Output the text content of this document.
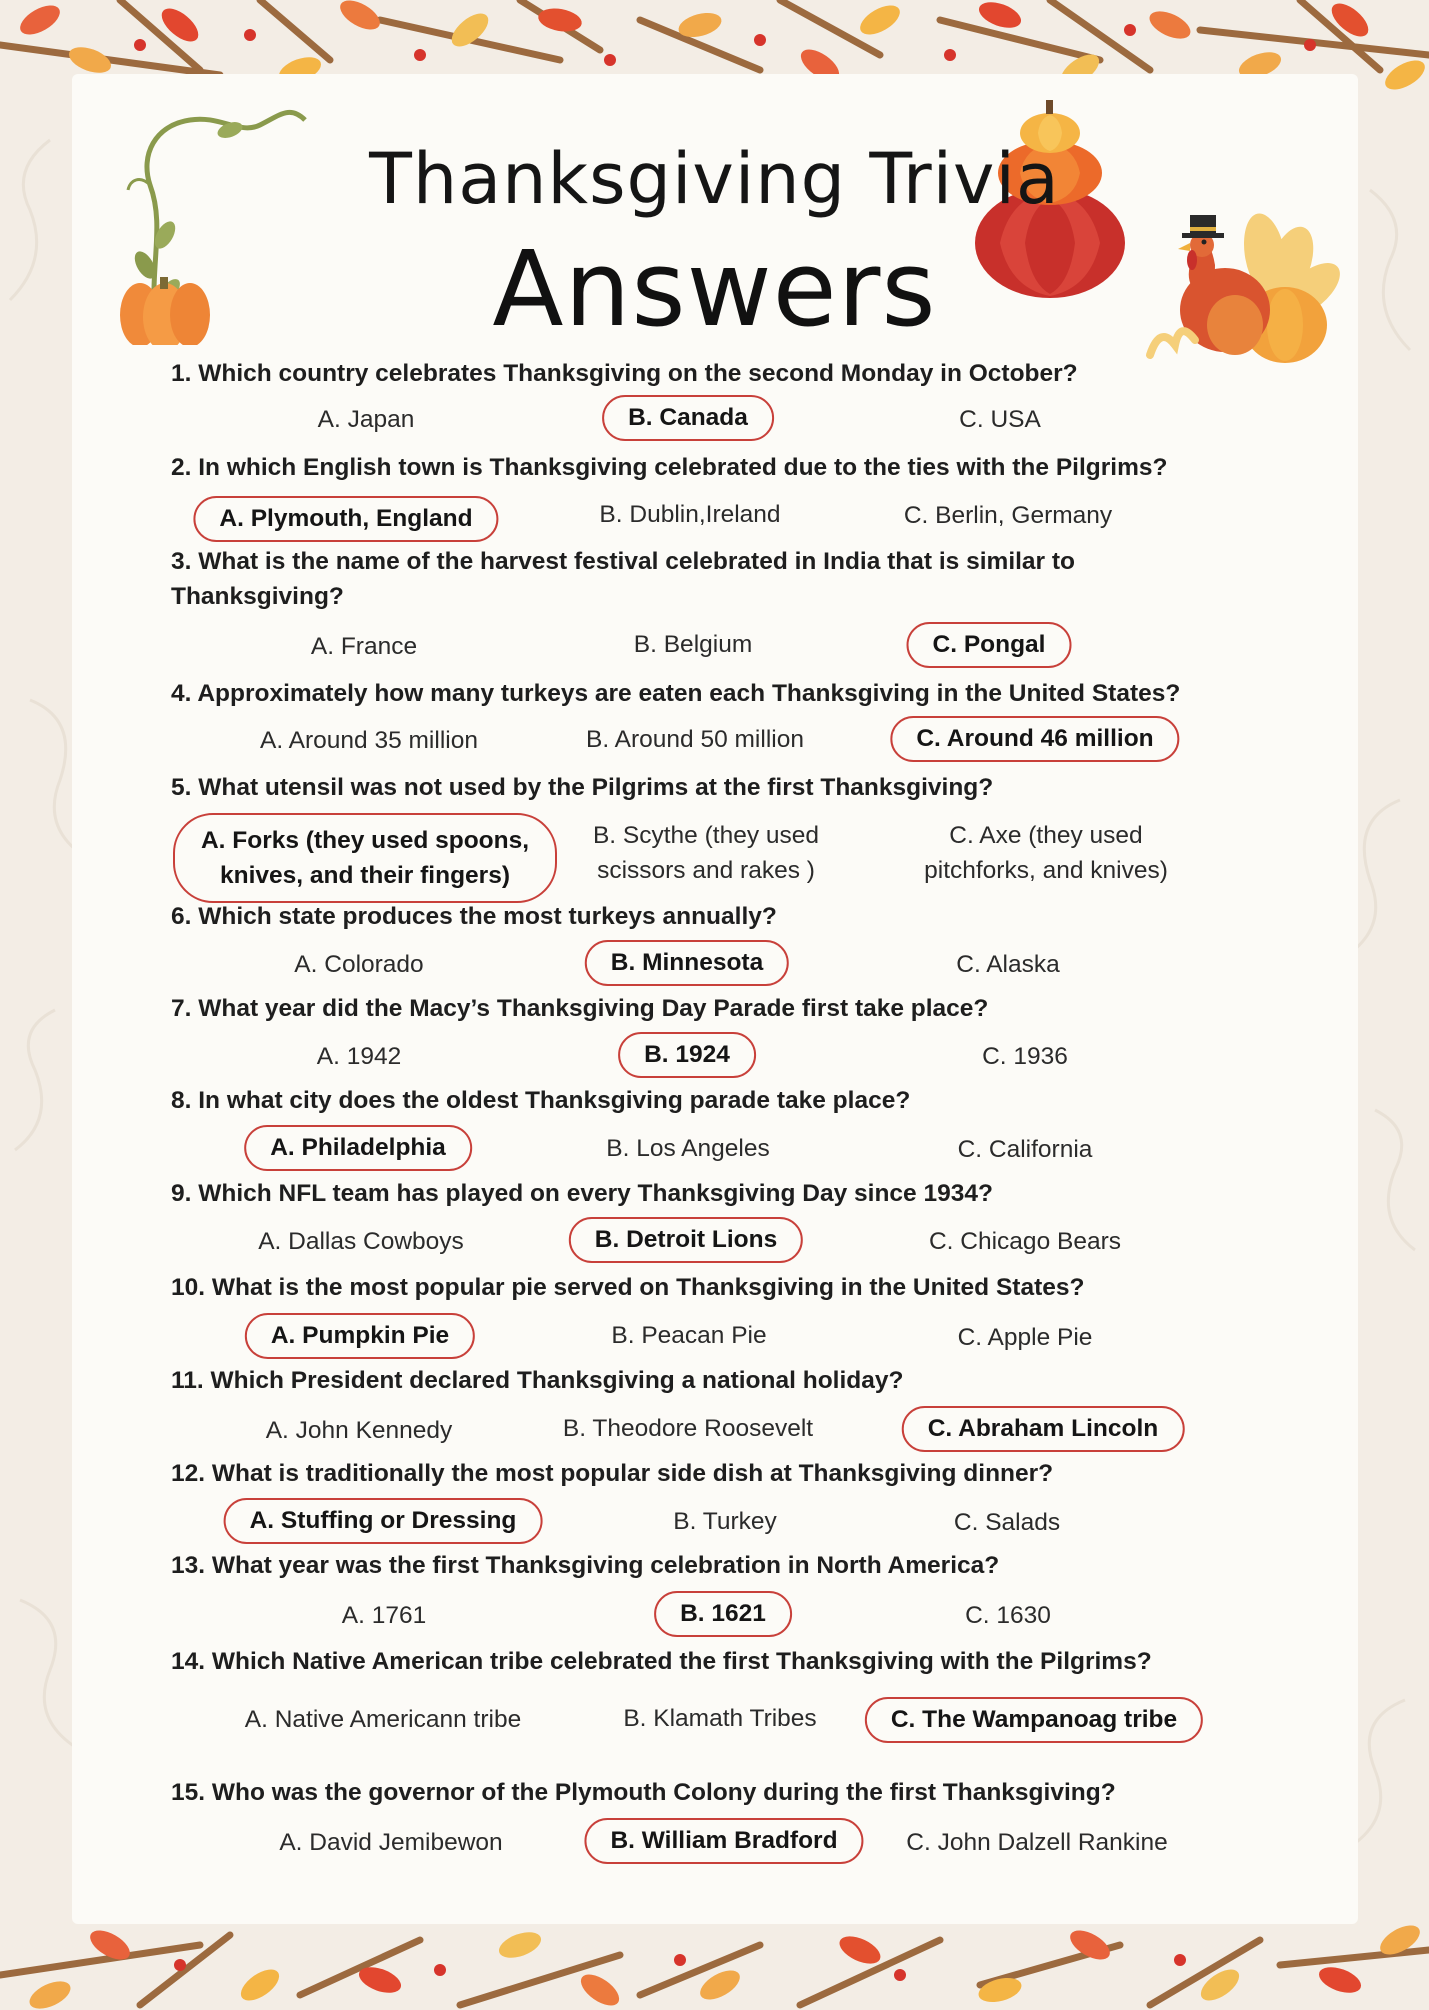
Thanksgiving Trivia
Answers
1. Which country celebrates Thanksgiving on the second Monday in October?
A. Japan	B. Canada	C. USA
2. In which English town is Thanksgiving celebrated due to the ties with the Pilgrims?
A. Plymouth, England	B. Dublin,Ireland	C. Berlin, Germany
3. What is the name of the harvest festival celebrated in India that is similar to Thanksgiving?
A. France	B. Belgium	C. Pongal
4. Approximately how many turkeys are eaten each Thanksgiving in the United States?
A. Around 35 million	B. Around 50 million	C. Around 46 million
5. What utensil was not used by the Pilgrims at the first Thanksgiving?
A. Forks (they used spoons, knives, and their fingers)
B. Scythe (they used scissors and rakes )
C. Axe (they used pitchforks, and knives)
6. Which state produces the most turkeys annually?
A. Colorado	B. Minnesota	C. Alaska
7. What year did the Macy’s Thanksgiving Day Parade first take place?
A. 1942	B. 1924	C. 1936
8. In what city does the oldest Thanksgiving parade take place?
A. Philadelphia	B. Los Angeles	C. California
9. Which NFL team has played on every Thanksgiving Day since 1934?
A. Dallas Cowboys	B. Detroit Lions	C. Chicago Bears
10. What is the most popular pie served on Thanksgiving in the United States?
A. Pumpkin Pie	B. Peacan Pie	C. Apple Pie
11. Which President declared Thanksgiving a national holiday?
A. John Kennedy	B. Theodore Roosevelt	C. Abraham Lincoln
12. What is traditionally the most popular side dish at Thanksgiving dinner?
A. Stuffing or Dressing	B. Turkey	C. Salads
13. What year was the first Thanksgiving celebration in North America?
A. 1761	B. 1621	C. 1630
14. Which Native American tribe celebrated the first Thanksgiving with the Pilgrims?
A. Native Americann tribe	B. Klamath Tribes	C. The Wampanoag tribe
15. Who was the governor of the Plymouth Colony during the first Thanksgiving?
A. David Jemibewon	B. William Bradford	C. John Dalzell Rankine
